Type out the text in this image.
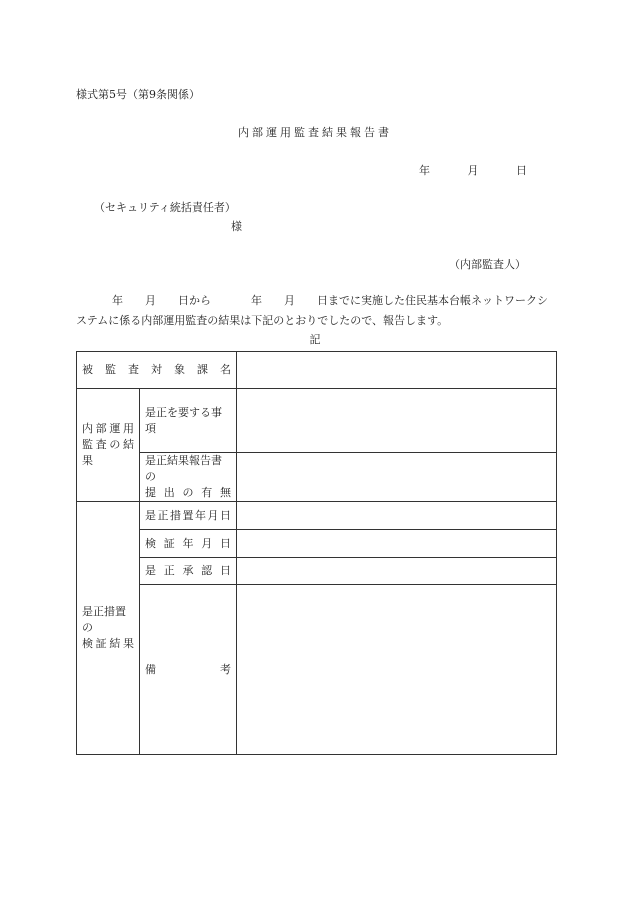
様式第5号（第9条関係）
内部運用監査結果報告書
年	月	日
（セキュリティ統括責任者）
様
（内部監査人）
年 月 日から	年 月 日までに実施した住民基本台帳ネットワークシステムに係る内部運用監査の結果は下記のとおりでしたので、報告します。
記
被監査対象課名		

内部運用
監査の結果	是正を要する事項	

	是正結果報告書の
提出の有無	

是正措置の
検証結果	是正措置年月日	

	検証年月日	

	是正承認日	

	備 考	
